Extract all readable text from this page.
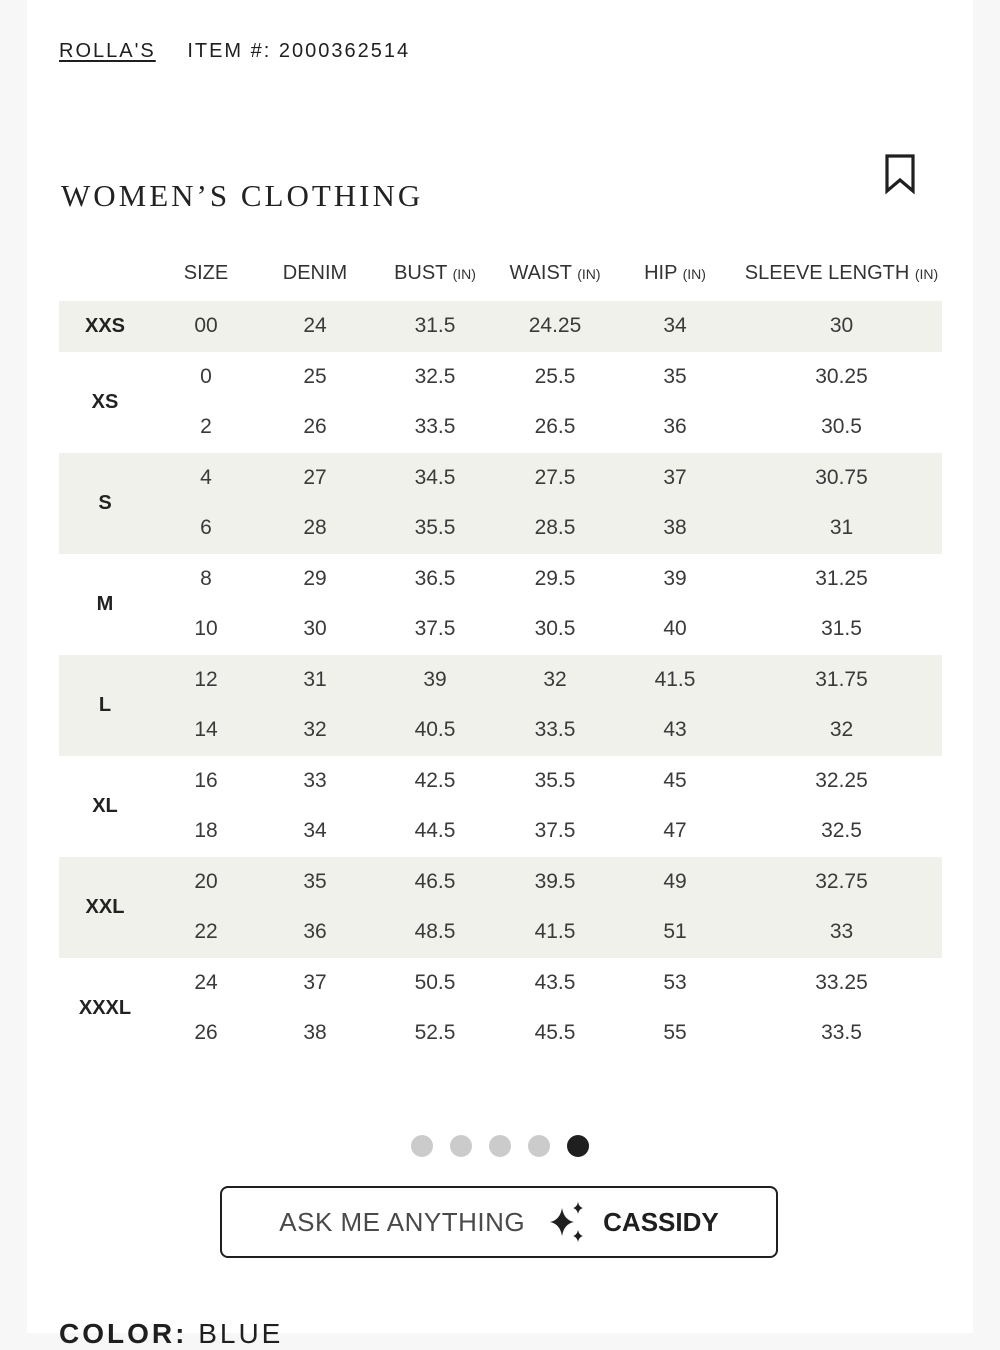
ROLLA'S ITEM #: 2000362514
WOMEN’S CLOTHING
	SIZE	DENIM	BUST (IN)	WAIST (IN)	HIP (IN)	SLEEVE LENGTH (IN)
XXS	00	24	31.5	24.25	34	30
XS	0	25	32.5	25.5	35	30.25
	2	26	33.5	26.5	36	30.5
S	4	27	34.5	27.5	37	30.75
	6	28	35.5	28.5	38	31
M	8	29	36.5	29.5	39	31.25
	10	30	37.5	30.5	40	31.5
L	12	31	39	32	41.5	31.75
	14	32	40.5	33.5	43	32
XL	16	33	42.5	35.5	45	32.25
	18	34	44.5	37.5	47	32.5
XXL	20	35	46.5	39.5	49	32.75
	22	36	48.5	41.5	51	33
XXXL	24	37	50.5	43.5	53	33.25
	26	38	52.5	45.5	55	33.5
ASK ME ANYTHING	CASSIDY
COLOR: BLUE
